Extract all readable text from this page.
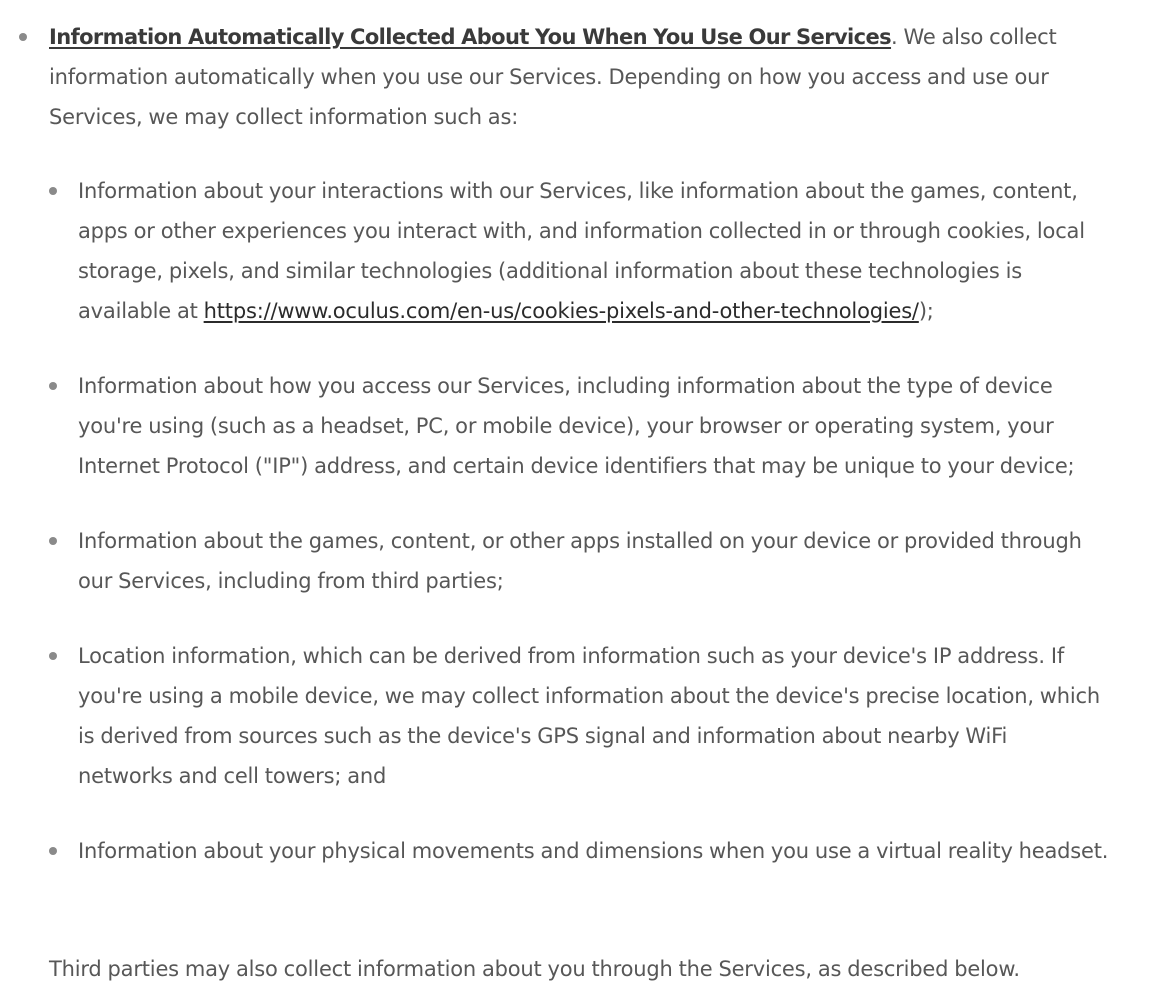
Information Automatically Collected About You When You Use Our Services. We also collect
information automatically when you use our Services. Depending on how you access and use our
Services, we may collect information such as:
Information about your interactions with our Services, like information about the games, content,
apps or other experiences you interact with, and information collected in or through cookies, local
storage, pixels, and similar technologies (additional information about these technologies is
available at https://www.oculus.com/en-us/cookies-pixels-and-other-technologies/);
Information about how you access our Services, including information about the type of device
you're using (such as a headset, PC, or mobile device), your browser or operating system, your
Internet Protocol ("IP") address, and certain device identifiers that may be unique to your device;
Information about the games, content, or other apps installed on your device or provided through
our Services, including from third parties;
Location information, which can be derived from information such as your device's IP address. If
you're using a mobile device, we may collect information about the device's precise location, which
is derived from sources such as the device's GPS signal and information about nearby WiFi
networks and cell towers; and
Information about your physical movements and dimensions when you use a virtual reality headset.

Third parties may also collect information about you through the Services, as described below.
